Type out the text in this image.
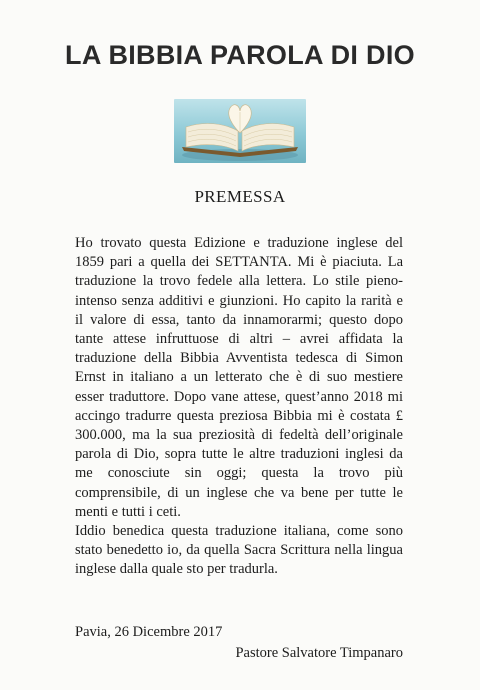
LA BIBBIA PAROLA DI DIO
PREMESSA

Ho trovato questa Edizione e traduzione inglese del 1859 pari a quella dei SETTANTA. Mi è piaciuta. La traduzione la trovo fedele alla lettera. Lo stile pieno-intenso senza additivi e giunzioni. Ho capito la rarità e il valore di essa, tanto da innamorarmi; questo dopo tante attese infruttuose di altri – avrei affidata la traduzione della Bibbia Avventista tedesca di Simon Ernst in italiano a un letterato che è di suo mestiere esser traduttore. Dopo vane attese, quest’anno 2018 mi accingo tradurre questa preziosa Bibbia mi è costata £ 300.000, ma la sua preziosità di fedeltà dell’originale parola di Dio, sopra tutte le altre traduzioni inglesi da me conosciute sin oggi; questa la trovo più comprensibile, di un inglese che va bene per tutte le menti e tutti i ceti.

Iddio benedica questa traduzione italiana, come sono stato benedetto io, da quella Sacra Scrittura nella lingua inglese dalla quale sto per tradurla.

Pavia, 26 Dicembre 2017
Pastore Salvatore Timpanaro
